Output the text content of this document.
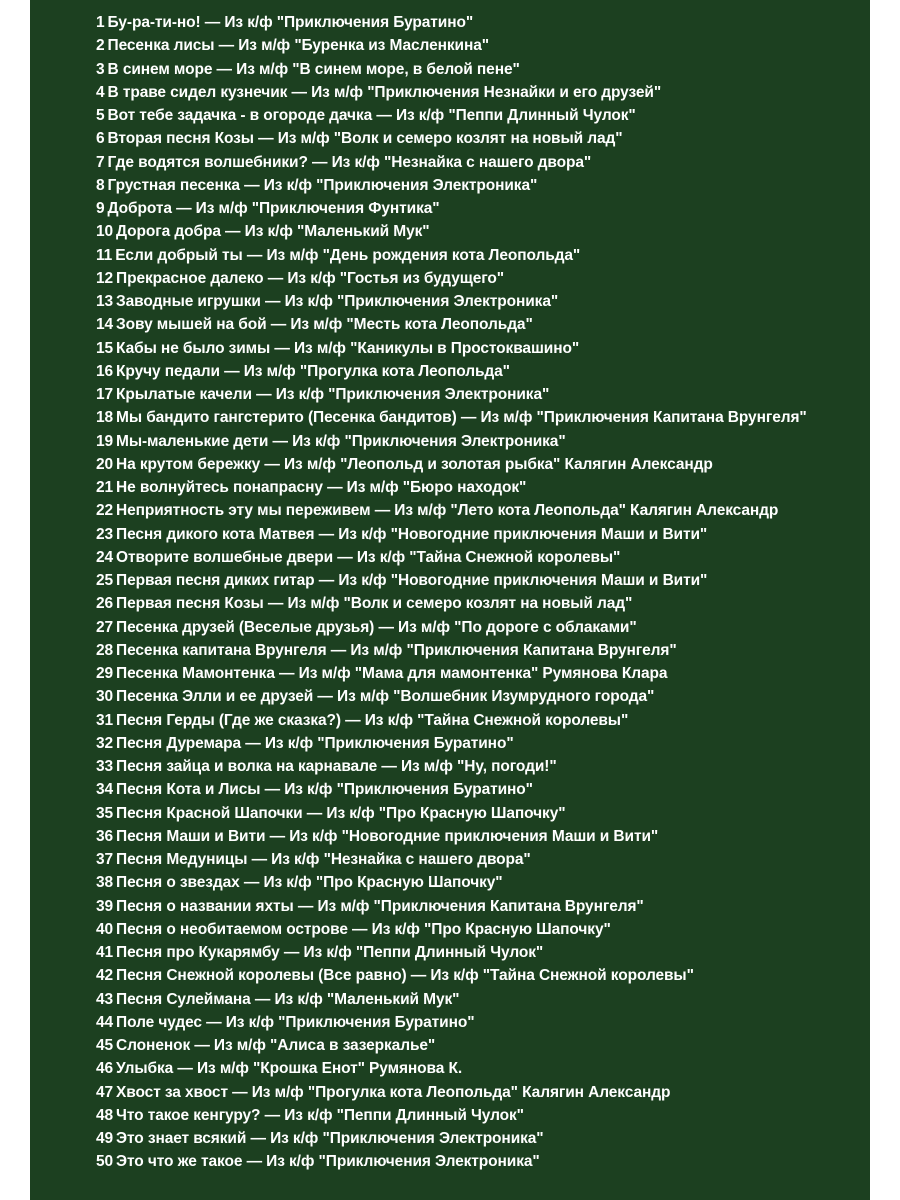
1 Бу-ра-ти-но! — Из к/ф "Приключения Буратино"
2 Песенка лисы — Из м/ф "Буренка из Масленкина"
3 В синем море — Из м/ф "В синем море, в белой пене"
4 В траве сидел кузнечик — Из м/ф "Приключения Незнайки и его друзей"
5 Вот тебе задачка - в огороде дачка — Из к/ф "Пеппи Длинный Чулок"
6 Вторая песня Козы — Из м/ф "Волк и семеро козлят на новый лад"
7 Где водятся волшебники? — Из к/ф "Незнайка с нашего двора"
8 Грустная песенка — Из к/ф "Приключения Электроника"
9 Доброта — Из м/ф "Приключения Фунтика"
10 Дорога добра — Из к/ф "Маленький Мук"
11 Если добрый ты — Из м/ф "День рождения кота Леопольда"
12 Прекрасное далеко — Из к/ф "Гостья из будущего"
13 Заводные игрушки — Из к/ф "Приключения Электроника"
14 Зову мышей на бой — Из м/ф "Месть кота Леопольда"
15 Кабы не было зимы — Из м/ф "Каникулы в Простоквашино"
16 Кручу педали — Из м/ф "Прогулка кота Леопольда"
17 Крылатые качели — Из к/ф "Приключения Электроника"
18 Мы бандито гангстерито (Песенка бандитов) — Из м/ф "Приключения Капитана Врунгеля"
19 Мы-маленькие дети — Из к/ф "Приключения Электроника"
20 На крутом бережку — Из м/ф "Леопольд и золотая рыбка" Калягин Александр
21 Не волнуйтесь понапрасну — Из м/ф "Бюро находок"
22 Неприятность эту мы переживем — Из м/ф "Лето кота Леопольда" Калягин Александр
23 Песня дикого кота Матвея — Из к/ф "Новогодние приключения Маши и Вити"
24 Отворите волшебные двери — Из к/ф "Тайна Снежной королевы"
25 Первая песня диких гитар — Из к/ф "Новогодние приключения Маши и Вити"
26 Первая песня Козы — Из м/ф "Волк и семеро козлят на новый лад"
27 Песенка друзей (Веселые друзья) — Из м/ф "По дороге с облаками"
28 Песенка капитана Врунгеля — Из м/ф "Приключения Капитана Врунгеля"
29 Песенка Мамонтенка — Из м/ф "Мама для мамонтенка" Румянова Клара
30 Песенка Элли и ее друзей — Из м/ф "Волшебник Изумрудного города"
31 Песня Герды (Где же сказка?) — Из к/ф "Тайна Снежной королевы"
32 Песня Дуремара — Из к/ф "Приключения Буратино"
33 Песня зайца и волка на карнавале — Из м/ф "Ну, погоди!"
34 Песня Кота и Лисы — Из к/ф "Приключения Буратино"
35 Песня Красной Шапочки — Из к/ф "Про Красную Шапочку"
36 Песня Маши и Вити — Из к/ф "Новогодние приключения Маши и Вити"
37 Песня Медуницы — Из к/ф "Незнайка с нашего двора"
38 Песня о звездах — Из к/ф "Про Красную Шапочку"
39 Песня о названии яхты — Из м/ф "Приключения Капитана Врунгеля"
40 Песня о необитаемом острове — Из к/ф "Про Красную Шапочку"
41 Песня про Кукарямбу — Из к/ф "Пеппи Длинный Чулок"
42 Песня Снежной королевы (Все равно) — Из к/ф "Тайна Снежной королевы"
43 Песня Сулеймана — Из к/ф "Маленький Мук"
44 Поле чудес — Из к/ф "Приключения Буратино"
45 Слоненок — Из м/ф "Алиса в зазеркалье"
46 Улыбка — Из м/ф "Крошка Енот" Румянова К.
47 Хвост за хвост — Из м/ф "Прогулка кота Леопольда" Калягин Александр
48 Что такое кенгуру? — Из к/ф "Пеппи Длинный Чулок"
49 Это знает всякий — Из к/ф "Приключения Электроника"
50 Это что же такое — Из к/ф "Приключения Электроника"
